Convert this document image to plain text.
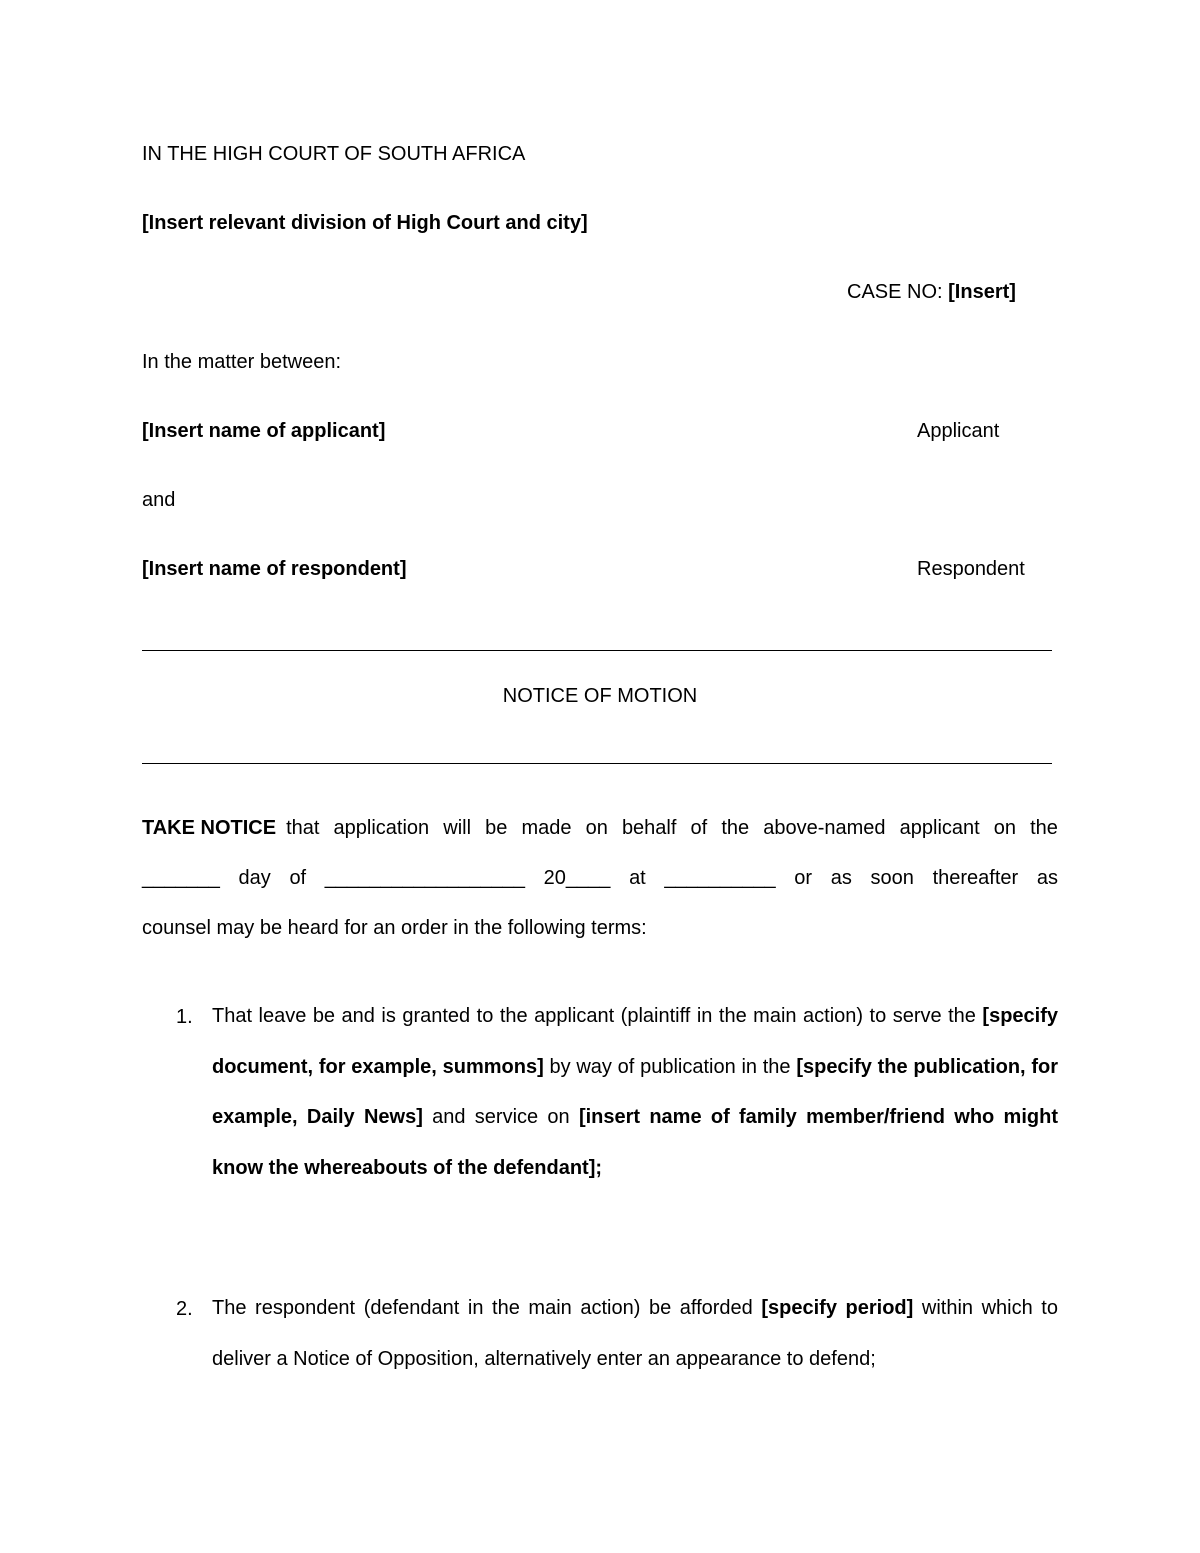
IN THE HIGH COURT OF SOUTH AFRICA
[Insert relevant division of High Court and city]
CASE NO: [Insert]
In the matter between:
[Insert name of applicant]	Applicant
and
[Insert name of respondent]	Respondent
NOTICE OF MOTION
TAKE NOTICE that application will be made on behalf of the above-named applicant on the
_______ day of __________________ 20____ at __________ or as soon thereafter as
counsel may be heard for an order in the following terms:
1. That leave be and is granted to the applicant (plaintiff in the main action) to serve the [specify document, for example, summons] by way of publication in the [specify the publication, for example, Daily News] and service on [insert name of family member/friend who might know the whereabouts of the defendant];
2. The respondent (defendant in the main action) be afforded [specify period] within which to deliver a Notice of Opposition, alternatively enter an appearance to defend;
